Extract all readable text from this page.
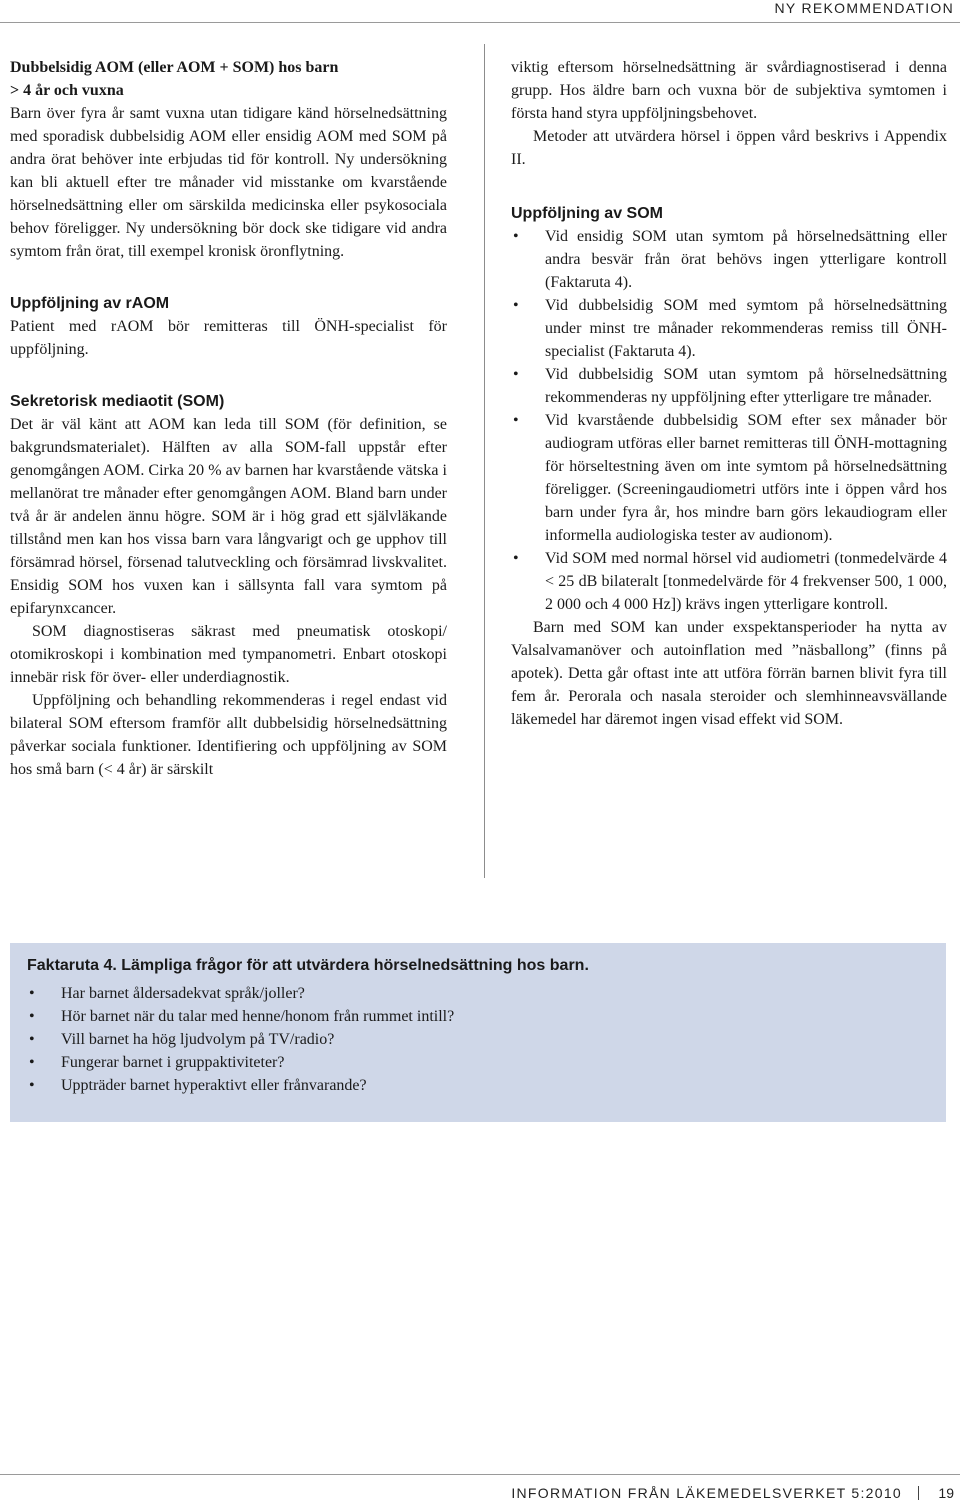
NY REKOMMENDATION

Dubbelsidig AOM (eller AOM + SOM) hos barn
> 4 år och vuxna

Barn över fyra år samt vuxna utan tidigare känd hörselnedsättning med sporadisk dubbelsidig AOM eller ensidig AOM med SOM på andra örat behöver inte erbjudas tid för kontroll. Ny undersökning kan bli aktuell efter tre månader vid misstanke om kvarstående hörselnedsättning eller om särskilda medicinska eller psykosociala behov föreligger. Ny undersökning bör dock ske tidigare vid andra symtom från örat, till exempel kronisk öronflytning.

Uppföljning av rAOM

Patient med rAOM bör remitteras till ÖNH-specialist för uppföljning.

Sekretorisk mediaotit (SOM)

Det är väl känt att AOM kan leda till SOM (för definition, se bakgrundsmaterialet). Hälften av alla SOM-fall uppstår efter genomgången AOM. Cirka 20 % av barnen har kvarstående vätska i mellanörat tre månader efter genomgången AOM. Bland barn under två år är andelen ännu högre. SOM är i hög grad ett självläkande tillstånd men kan hos vissa barn vara långvarigt och ge upphov till försämrad hörsel, försenad talutveckling och försämrad livskvalitet. Ensidig SOM hos vuxen kan i sällsynta fall vara symtom på epifarynxcancer.

SOM diagnostiseras säkrast med pneumatisk otoskopi/ otomikroskopi i kombination med tympanometri. Enbart otoskopi innebär risk för över- eller underdiagnostik.

Uppföljning och behandling rekommenderas i regel endast vid bilateral SOM eftersom framför allt dubbelsidig hörselnedsättning påverkar sociala funktioner. Identifiering och uppföljning av SOM hos små barn (< 4 år) är särskilt

viktig eftersom hörselnedsättning är svårdiagnostiserad i denna grupp. Hos äldre barn och vuxna bör de subjektiva symtomen i första hand styra uppföljningsbehovet.

Metoder att utvärdera hörsel i öppen vård beskrivs i Appendix II.

Uppföljning av SOM

• Vid ensidig SOM utan symtom på hörselnedsättning eller andra besvär från örat behövs ingen ytterligare kontroll (Faktaruta 4).
• Vid dubbelsidig SOM med symtom på hörselnedsättning under minst tre månader rekommenderas remiss till ÖNH-specialist (Faktaruta 4).
• Vid dubbelsidig SOM utan symtom på hörselnedsättning rekommenderas ny uppföljning efter ytterligare tre månader.
• Vid kvarstående dubbelsidig SOM efter sex månader bör audiogram utföras eller barnet remitteras till ÖNH-mottagning för hörseltestning även om inte symtom på hörselnedsättning föreligger. (Screeningaudiometri utförs inte i öppen vård hos barn under fyra år, hos mindre barn görs lekaudiogram eller informella audiologiska tester av audionom).
• Vid SOM med normal hörsel vid audiometri (tonmedelvärde 4 < 25 dB bilateralt [tonmedelvärde för 4 frekvenser 500, 1 000, 2 000 och 4 000 Hz]) krävs ingen ytterligare kontroll.

Barn med SOM kan under exspektansperioder ha nytta av Valsalvamanöver och autoinflation med ”näsballong” (finns på apotek). Detta går oftast inte att utföra förrän barnen blivit fyra till fem år. Perorala och nasala steroider och slemhinneavsvällande läkemedel har däremot ingen visad effekt vid SOM.

Faktaruta 4. Lämpliga frågor för att utvärdera hörselnedsättning hos barn.
• Har barnet åldersadekvat språk/joller?
• Hör barnet när du talar med henne/honom från rummet intill?
• Vill barnet ha hög ljudvolym på TV/radio?
• Fungerar barnet i gruppaktiviteter?
• Uppträder barnet hyperaktivt eller frånvarande?
INFORMATION FRÅN LÄKEMEDELSVERKET 5:2010	19
